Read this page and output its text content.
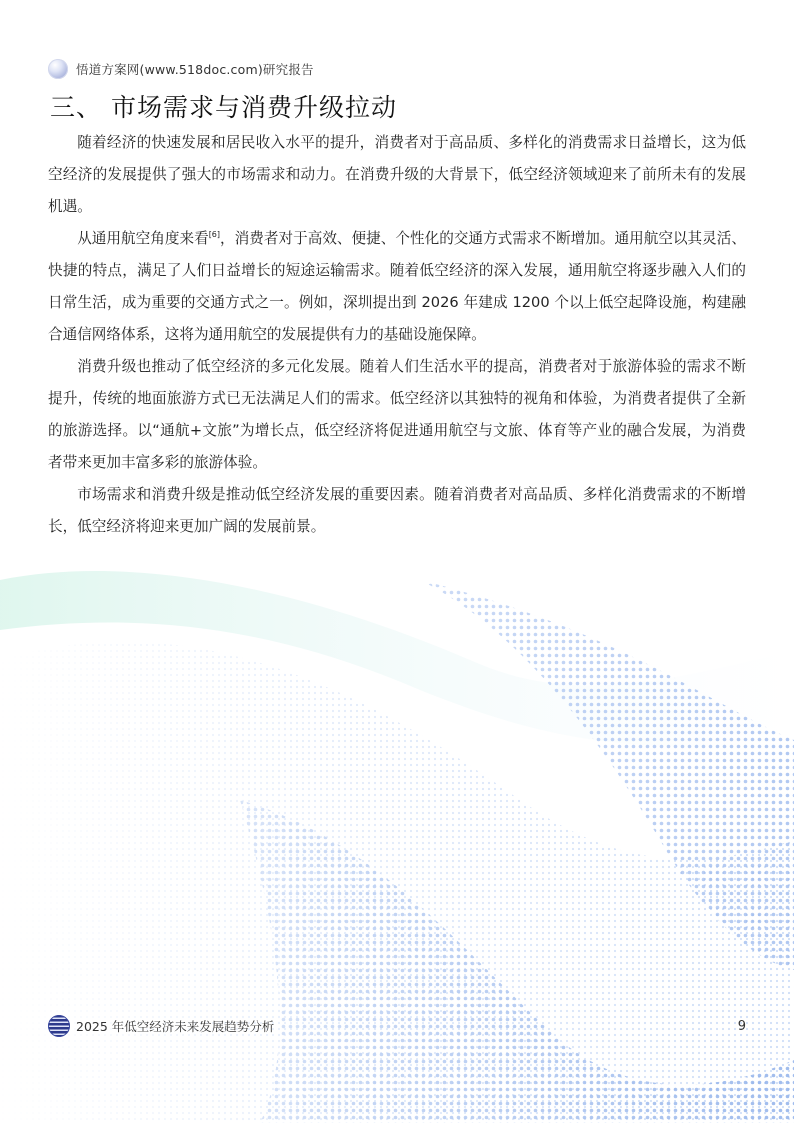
悟道方案网(www.518doc.com)研究报告
三、 市场需求与消费升级拉动

随着经济的快速发展和居民收入水平的提升，消费者对于高品质、多样化的消费需求日益增长，这为低空经济的发展提供了强大的市场需求和动力。在消费升级的大背景下，低空经济领域迎来了前所未有的发展机遇。

从通用航空角度来看[6]，消费者对于高效、便捷、个性化的交通方式需求不断增加。通用航空以其灵活、快捷的特点，满足了人们日益增长的短途运输需求。随着低空经济的深入发展，通用航空将逐步融入人们的日常生活，成为重要的交通方式之一。例如，深圳提出到 2026 年建成 1200 个以上低空起降设施，构建融合通信网络体系，这将为通用航空的发展提供有力的基础设施保障。

消费升级也推动了低空经济的多元化发展。随着人们生活水平的提高，消费者对于旅游体验的需求不断提升，传统的地面旅游方式已无法满足人们的需求。低空经济以其独特的视角和体验，为消费者提供了全新的旅游选择。以“通航+文旅”为增长点，低空经济将促进通用航空与文旅、体育等产业的融合发展，为消费者带来更加丰富多彩的旅游体验。

市场需求和消费升级是推动低空经济发展的重要因素。随着消费者对高品质、多样化消费需求的不断增长，低空经济将迎来更加广阔的发展前景。

2025 年低空经济未来发展趋势分析	9
